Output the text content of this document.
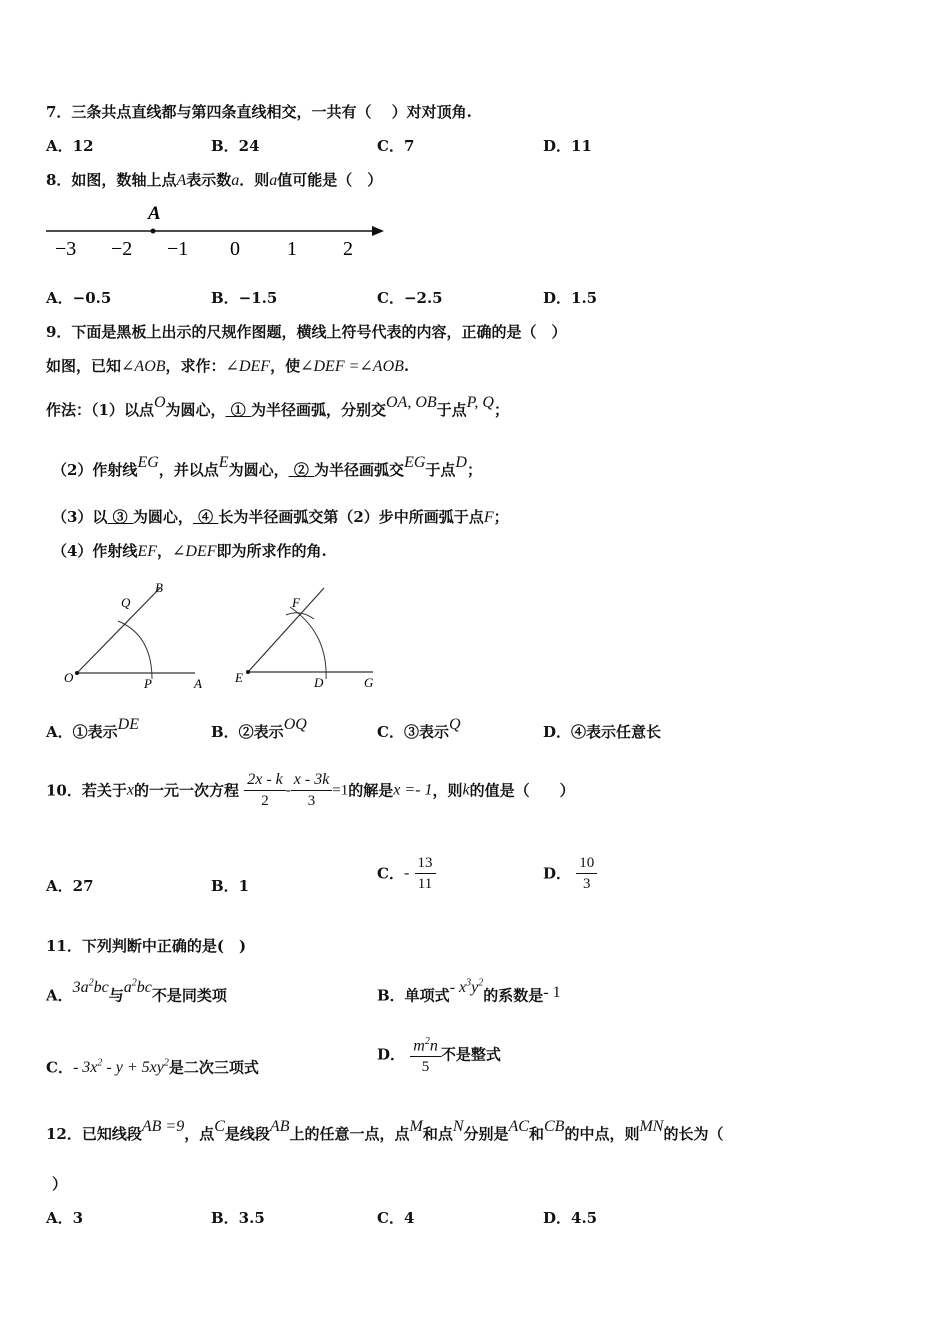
7．三条共点直线都与第四条直线相交，一共有（　 ）对对顶角.
A．12	B．24	C．7	D．11
8．如图，数轴上点A表示数a．则a值可能是（　）
A
−3 −2 −1 0 1 2
A．−0.5	B．−1.5	C．−2.5	D．1.5
9．下面是黑板上出示的尺规作图题，横线上符号代表的内容，正确的是（　）
如图，已知∠AOB，求作：∠DEF，使∠DEF =∠AOB.
作法：（1）以点O为圆心， ① 为半径画弧，分别交OA, OB于点P, Q；
（2）作射线EG，并以点E为圆心， ② 为半径画弧交EG于点D；
（3）以 ③ 为圆心， ④ 长为半径画弧交第（2）步中所画弧于点F；
（4）作射线EF，∠DEF即为所求作的角.
O	P	A
Q
B
E	D	G
F
A．①表示DE	B．②表示OQ	C．③表示Q	D．④表示任意长
10．若关于x的一元一次方程 $\frac{2x - k}{2} - \frac{x - 3k}{3} =1$的解是x =- 1，则k的值是（　　）
A．27	B．1
C．- $\frac{13}{11}$	D． $\frac{10}{3}$
11．下列判断中正确的是(　)
A．$3a^2bc$与$a^2bc$不是同类项	B．单项式- $x^3y^2$的系数是- 1
C．- $3x^2 - y + 5xy^2$是二次三项式
D． $\frac{m^2n}{5}$ 不是整式
12．已知线段AB =9，点C是线段AB上的任意一点，点M和点N分别是AC和CB的中点，则MN的长为（
）
A．3	B．3.5	C．4	D．4.5
